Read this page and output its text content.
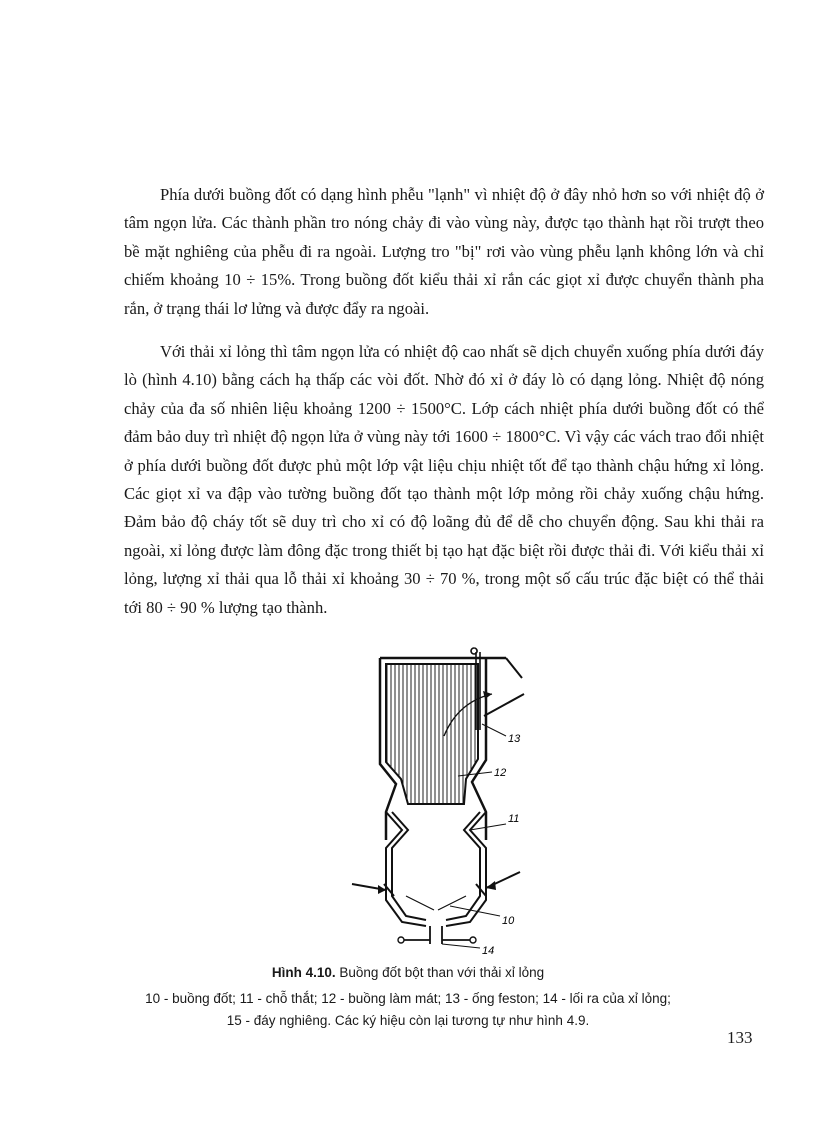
Phía dưới buồng đốt có dạng hình phễu "lạnh" vì nhiệt độ ở đây nhỏ hơn so với nhiệt độ ở tâm ngọn lửa. Các thành phần tro nóng chảy đi vào vùng này, được tạo thành hạt rồi trượt theo bề mặt nghiêng của phễu đi ra ngoài. Lượng tro "bị" rơi vào vùng phễu lạnh không lớn và chỉ chiếm khoảng 10 ÷ 15%. Trong buồng đốt kiểu thải xỉ rắn các giọt xỉ được chuyển thành pha rắn, ở trạng thái lơ lửng và được đẩy ra ngoài.

Với thải xỉ lỏng thì tâm ngọn lửa có nhiệt độ cao nhất sẽ dịch chuyển xuống phía dưới đáy lò (hình 4.10) bằng cách hạ thấp các vòi đốt. Nhờ đó xỉ ở đáy lò có dạng lỏng. Nhiệt độ nóng chảy của đa số nhiên liệu khoảng 1200 ÷ 1500°C. Lớp cách nhiệt phía dưới buồng đốt có thể đảm bảo duy trì nhiệt độ ngọn lửa ở vùng này tới 1600 ÷ 1800°C. Vì vậy các vách trao đổi nhiệt ở phía dưới buồng đốt được phủ một lớp vật liệu chịu nhiệt tốt để tạo thành chậu hứng xỉ lỏng. Các giọt xỉ va đập vào tường buồng đốt tạo thành một lớp mỏng rồi chảy xuống chậu hứng. Đảm bảo độ cháy tốt sẽ duy trì cho xỉ có độ loãng đủ để dễ cho chuyển động. Sau khi thải ra ngoài, xỉ lỏng được làm đông đặc trong thiết bị tạo hạt đặc biệt rồi được thải đi. Với kiểu thải xỉ lỏng, lượng xỉ thải qua lỗ thải xỉ khoảng 30 ÷ 70 %, trong một số cấu trúc đặc biệt có thể thải tới 80 ÷ 90 % lượng tạo thành.

13
12
11
10
14
Hình 4.10. Buồng đốt bột than với thải xỉ lỏng
10 - buồng đốt; 11 - chỗ thắt; 12 - buồng làm mát; 13 - ống feston; 14 - lối ra của xỉ lỏng;
15 - đáy nghiêng. Các ký hiệu còn lại tương tự như hình 4.9.
133
